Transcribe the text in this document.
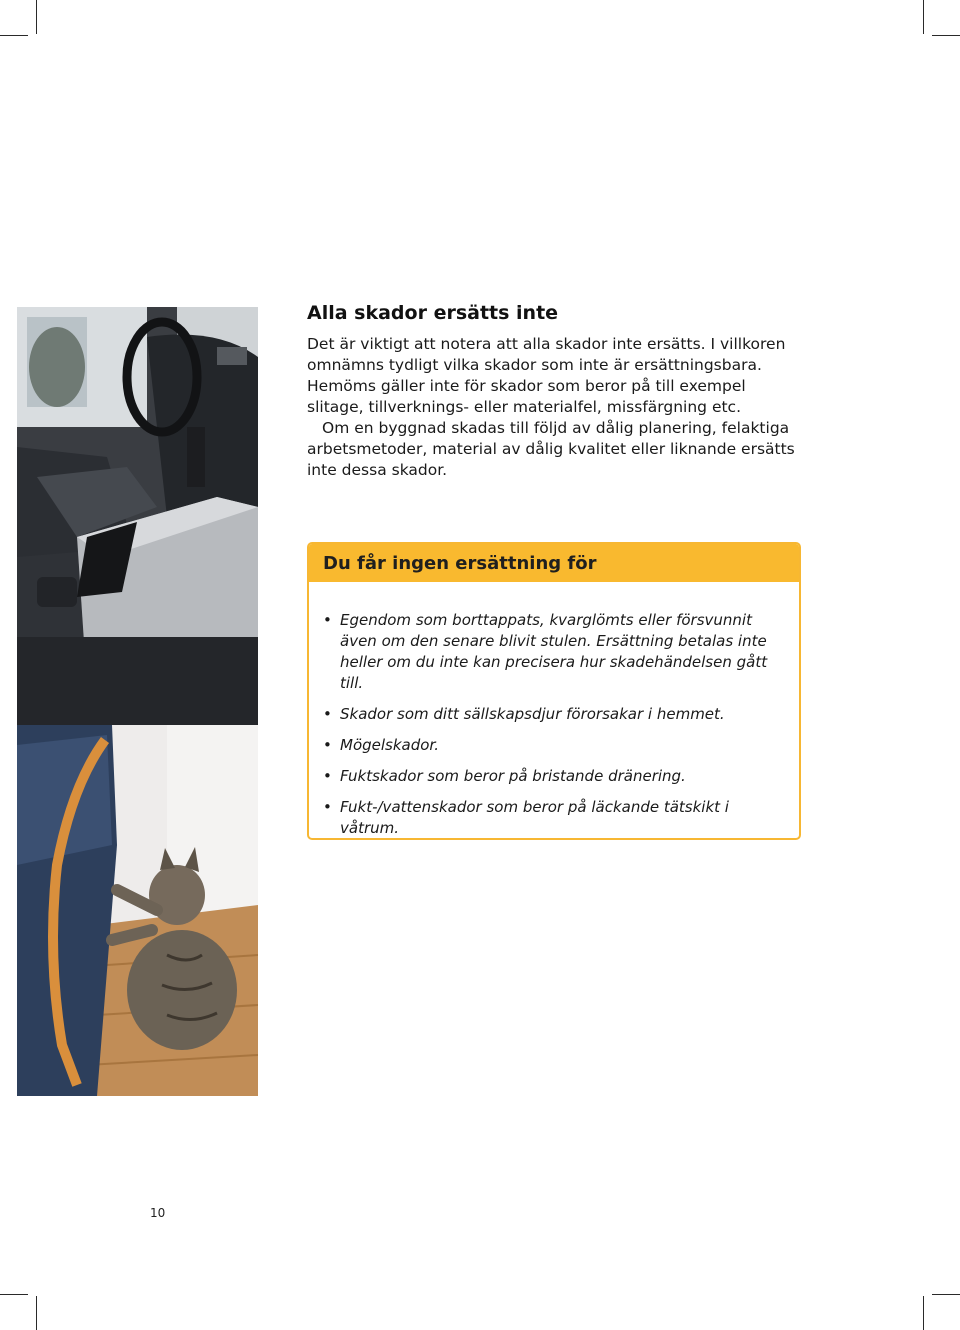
Alla skador ersätts inte

Det är viktigt att notera att alla skador inte ersätts. I villkoren omnämns tydligt vilka skador som inte är ersättningsbara. Hemöms gäller inte för skador som beror på till exempel slitage, tillverknings- eller materialfel, missfärgning etc.

Om en byggnad skadas till följd av dålig planering, felaktiga arbetsmetoder, material av dålig kvalitet eller liknande ersätts inte dessa skador.

Du får ingen ersättning för
• Egendom som borttappats, kvarglömts eller försvunnit även om den senare blivit stulen. Ersättning betalas inte heller om du inte kan precisera hur skadehändelsen gått till.
• Skador som ditt sällskapsdjur förorsakar i hemmet.
• Mögelskador.
• Fuktskador som beror på bristande dränering.
• Fukt-/vattenskador som beror på läckande tätskikt i våtrum.
10
